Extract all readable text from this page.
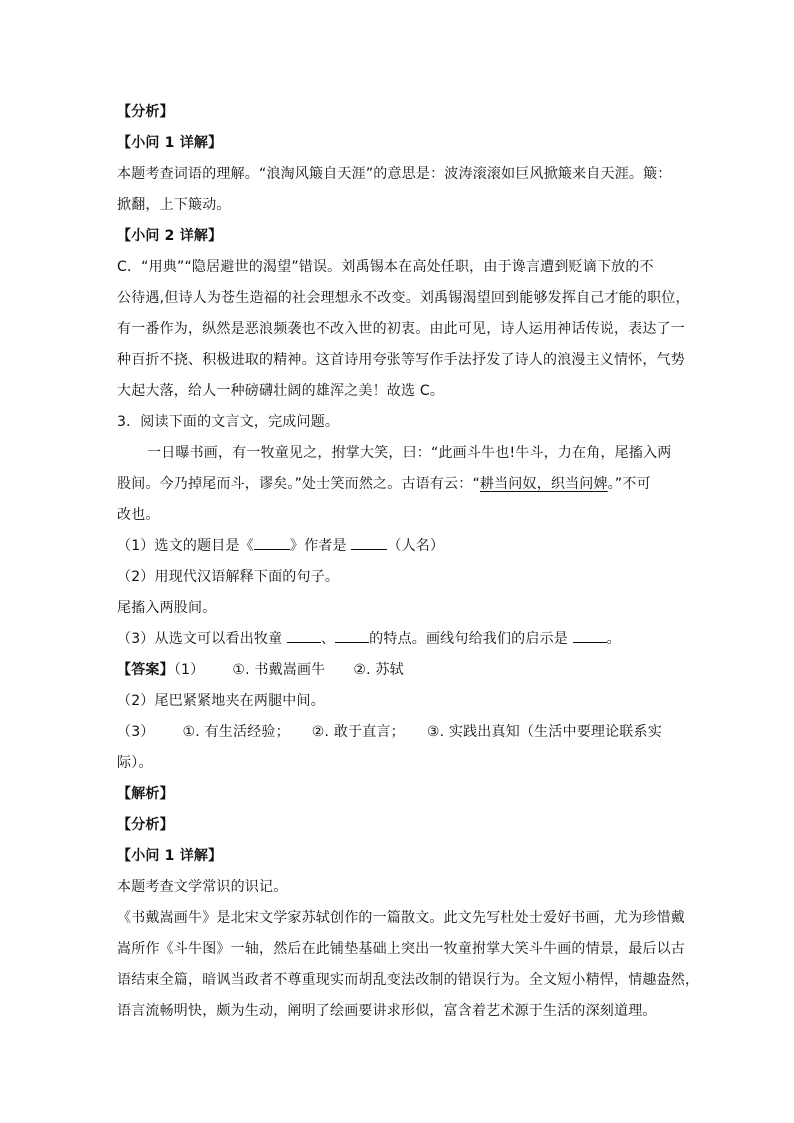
【分析】
【小问 1 详解】
本题考查词语的理解。“浪淘风簸自天涯”的意思是：波涛滚滚如巨风掀簸来自天涯。簸：
掀翻，上下簸动。
【小问 2 详解】
C．“用典”“隐居避世的渴望”错误。刘禹锡本在高处任职，由于谗言遭到贬谪下放的不
公待遇,但诗人为苍生造福的社会理想永不改变。刘禹锡渴望回到能够发挥自己才能的职位，
有一番作为，纵然是恶浪频袭也不改入世的初衷。由此可见，诗人运用神话传说，表达了一
种百折不挠、积极进取的精神。这首诗用夸张等写作手法抒发了诗人的浪漫主义情怀，气势
大起大落，给人一种磅礴壮阔的雄浑之美！故选 C。
3．阅读下面的文言文，完成问题。
一日曝书画，有一牧童见之，拊掌大笑，曰：“此画斗牛也!牛斗，力在角，尾搐入两
股间。今乃掉尾而斗，谬矣。”处士笑而然之。古语有云：“耕当问奴，织当问婢。”不可
改也。
（1）选文的题目是《	》作者是	（人名）
（2）用现代汉语解释下面的句子。
尾搐入两股间。
（3）从选文可以看出牧童 、 的特点。画线句给我们的启示是 。
【答案】（1） ①. 书戴嵩画牛 ②. 苏轼
（2）尾巴紧紧地夹在两腿中间。
（3） ①. 有生活经验； ②. 敢于直言； ③. 实践出真知（生活中要理论联系实
际）。
【解析】
【分析】
【小问 1 详解】
本题考查文学常识的识记。
《书戴嵩画牛》是北宋文学家苏轼创作的一篇散文。此文先写杜处士爱好书画，尤为珍惜戴
嵩所作《斗牛图》一轴，然后在此铺垫基础上突出一牧童拊掌大笑斗牛画的情景，最后以古
语结束全篇，暗讽当政者不尊重现实而胡乱变法改制的错误行为。全文短小精悍，情趣盎然，
语言流畅明快，颇为生动，阐明了绘画要讲求形似，富含着艺术源于生活的深刻道理。
